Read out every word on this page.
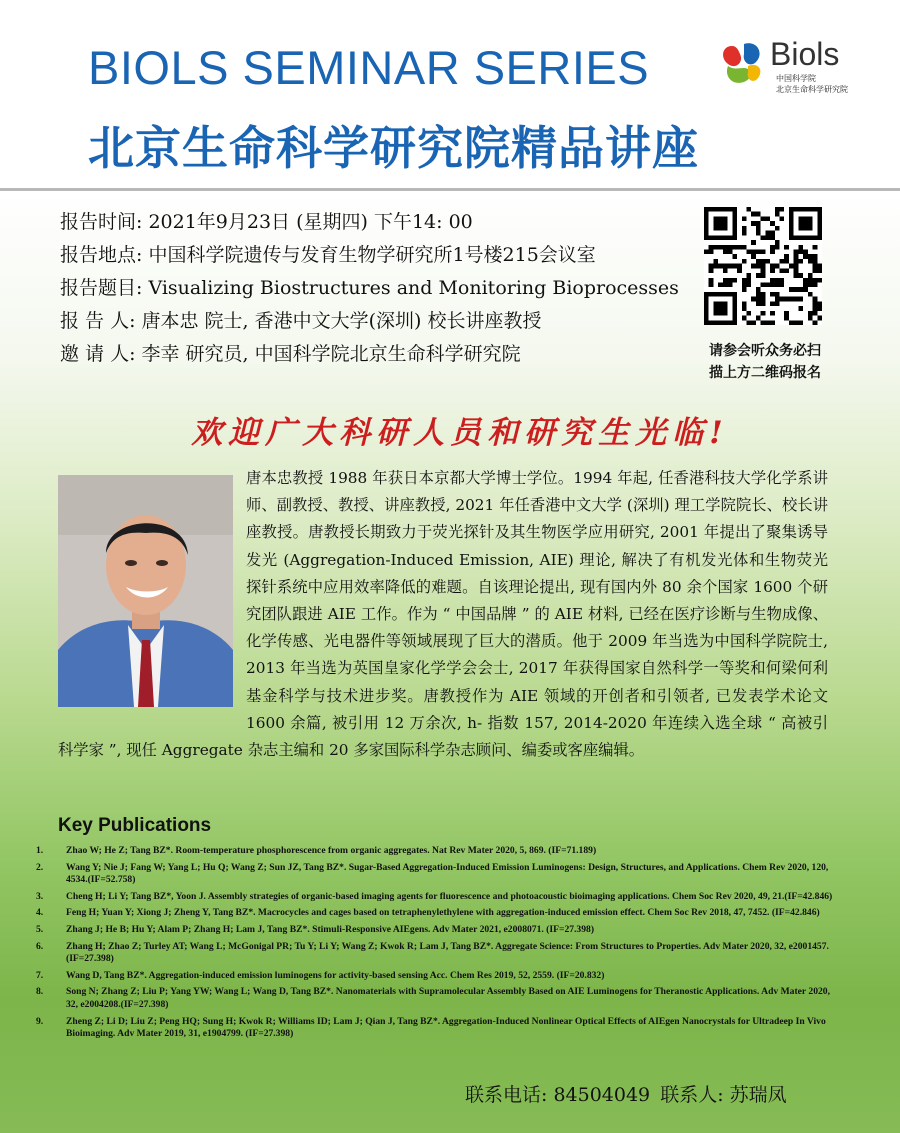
BIOLS SEMINAR SERIES
北京生命科学研究院精品讲座
Biols
中国科学院
北京生命科学研究院
报告时间: 2021年9月23日 (星期四) 下午14: 00
报告地点: 中国科学院遗传与发育生物学研究所1号楼215会议室
报告题目: Visualizing Biostructures and Monitoring Bioprocesses
报 告 人: 唐本忠 院士, 香港中文大学(深圳) 校长讲座教授
邀 请 人: 李幸 研究员, 中国科学院北京生命科学研究院	请参会听众务必扫
描上方二维码报名
欢迎广大科研人员和研究生光临!
唐本忠教授 1988 年获日本京都大学博士学位。1994 年起, 任香港科技大学化学系讲师、副教授、教授、讲座教授, 2021 年任香港中文大学 (深圳) 理工学院院长、校长讲座教授。唐教授长期致力于荧光探针及其生物医学应用研究, 2001 年提出了聚集诱导发光 (Aggregation-Induced Emission, AIE) 理论, 解决了有机发光体和生物荧光探针系统中应用效率降低的难题。自该理论提出, 现有国内外 80 余个国家 1600 个研究团队跟进 AIE 工作。作为 “ 中国品牌 ” 的 AIE 材料, 已经在医疗诊断与生物成像、化学传感、光电器件等领域展现了巨大的潜质。他于 2009 年当选为中国科学院院士, 2013 年当选为英国皇家化学学会会士, 2017 年获得国家自然科学一等奖和何梁何利基金科学与技术进步奖。唐教授作为 AIE 领域的开创者和引领者, 已发表学术论文 1600 余篇, 被引用 12 万余次, h- 指数 157, 2014-2020 年连续入选全球 “ 高被引科学家 ”, 现任 Aggregate 杂志主编和 20 多家国际科学杂志顾问、编委或客座编辑。
Key Publications
1.	Zhao W; He Z; Tang BZ*. Room-temperature phosphorescence from organic aggregates. Nat Rev Mater 2020, 5, 869. (IF=71.189)
2.	Wang Y; Nie J; Fang W; Yang L; Hu Q; Wang Z; Sun JZ, Tang BZ*. Sugar-Based Aggregation-Induced Emission Luminogens: Design, Structures, and Applications. Chem Rev 2020, 120, 4534.(IF=52.758)
3.	Cheng H; Li Y; Tang BZ*, Yoon J. Assembly strategies of organic-based imaging agents for fluorescence and photoacoustic bioimaging applications. Chem Soc Rev 2020, 49, 21.(IF=42.846)
4.	Feng H; Yuan Y; Xiong J; Zheng Y, Tang BZ*. Macrocycles and cages based on tetraphenylethylene with aggregation-induced emission effect. Chem Soc Rev 2018, 47, 7452. (IF=42.846)
5.	Zhang J; He B; Hu Y; Alam P; Zhang H; Lam J, Tang BZ*. Stimuli-Responsive AIEgens. Adv Mater 2021, e2008071. (IF=27.398)
6.	Zhang H; Zhao Z; Turley AT; Wang L; McGonigal PR; Tu Y; Li Y; Wang Z; Kwok R; Lam J, Tang BZ*. Aggregate Science: From Structures to Properties. Adv Mater 2020, 32, e2001457.(IF=27.398)
7.	Wang D, Tang BZ*. Aggregation-induced emission luminogens for activity-based sensing Acc. Chem Res 2019, 52, 2559. (IF=20.832)
8.	Song N; Zhang Z; Liu P; Yang YW; Wang L; Wang D, Tang BZ*. Nanomaterials with Supramolecular Assembly Based on AIE Luminogens for Theranostic Applications. Adv Mater 2020, 32, e2004208.(IF=27.398)
9.	Zheng Z; Li D; Liu Z; Peng HQ; Sung H; Kwok R; Williams ID; Lam J; Qian J, Tang BZ*. Aggregation-Induced Nonlinear Optical Effects of AIEgen Nanocrystals for Ultradeep In Vivo Bioimaging. Adv Mater 2019, 31, e1904799. (IF=27.398)
联系电话: 84504049 联系人: 苏瑞凤
